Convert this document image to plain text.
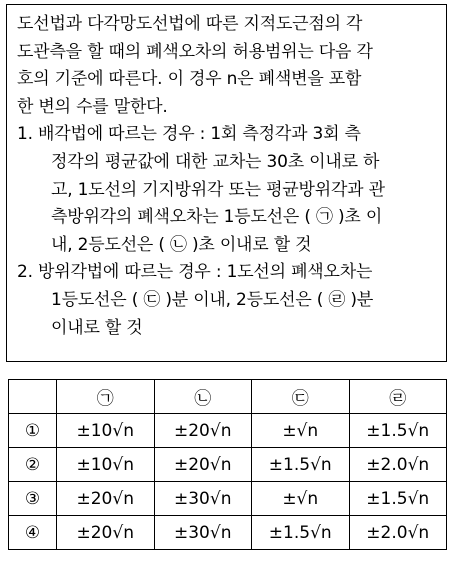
도선법과 다각망도선법에 따른 지적도근점의 각
도관측을 할 때의 폐색오차의 허용범위는 다음 각
호의 기준에 따른다. 이 경우 n은 폐색변을 포함
한 변의 수를 말한다.
1. 배각법에 따르는 경우 : 1회 측정각과 3회 측
정각의 평균값에 대한 교차는 30초 이내로 하
고, 1도선의 기지방위각 또는 평균방위각과 관
측방위각의 폐색오차는 1등도선은 ( ㉠ )초 이
내, 2등도선은 ( ㉡ )초 이내로 할 것
2. 방위각법에 따르는 경우 : 1도선의 폐색오차는
1등도선은 ( ㉢ )분 이내, 2등도선은 ( ㉣ )분
이내로 할 것
	㉠	㉡	㉢	㉣
①	±10√n	±20√n	±√n	±1.5√n
②	±10√n	±20√n	±1.5√n	±2.0√n
③	±20√n	±30√n	±√n	±1.5√n
④	±20√n	±30√n	±1.5√n	±2.0√n
